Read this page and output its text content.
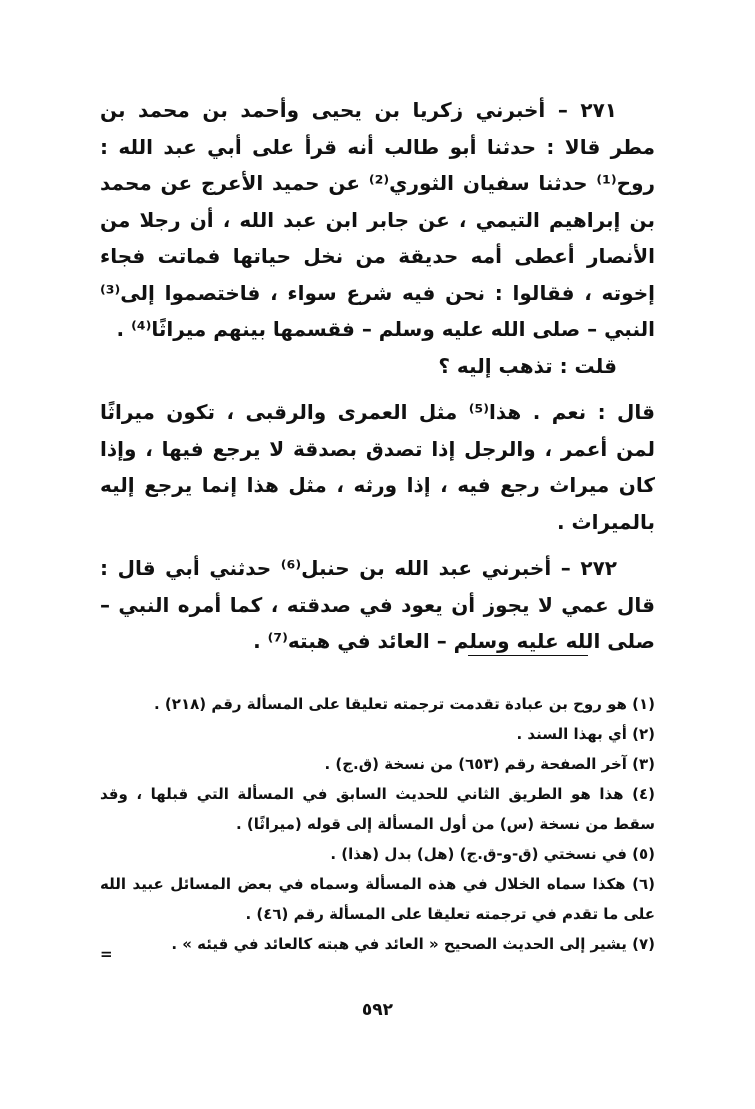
٢٧١ – أخبرني زكريا بن يحيى وأحمد بن محمد بن مطر قالا : حدثنا أبو طالب أنه قرأ على أبي عبد الله : روح⁽¹⁾ حدثنا سفيان الثوري⁽²⁾ عن حميد الأعرج عن محمد بن إبراهيم التيمي ، عن جابر ابن عبد الله ، أن رجلا من الأنصار أعطى أمه حديقة من نخل حياتها فماتت فجاء إخوته ، فقالوا : نحن فيه شرع سواء ، فاختصموا إلى⁽³⁾ النبي – صلى الله عليه وسلم – فقسمها بينهم ميراثًا⁽⁴⁾ .

قلت : تذهب إليه ؟

قال : نعم . هذا⁽⁵⁾ مثل العمرى والرقبى ، تكون ميراثًا لمن أعمر ، والرجل إذا تصدق بصدقة لا يرجع فيها ، وإذا كان ميراث رجع فيه ، إذا ورثه ، مثل هذا إنما يرجع إليه بالميراث .

٢٧٢ – أخبرني عبد الله بن حنبل⁽⁶⁾ حدثني أبي قال : قال عمي لا يجوز أن يعود في صدقته ، كما أمره النبي – صلى الله عليه وسلم – العائد في هبته⁽⁷⁾ .

(١) هو روح بن عبادة تقدمت ترجمته تعليقا على المسألة رقم (٢١٨) .

(٢) أي بهذا السند .

(٣) آخر الصفحة رقم (٦٥٣) من نسخة (ق.ج) .

(٤) هذا هو الطريق الثاني للحديث السابق في المسألة التي قبلها ، وقد سقط من نسخة (س) من أول المسألة إلى قوله (ميراثًا) .

(٥) في نسختي (ق-و-ق.ج) (هل) بدل (هذا) .

(٦) هكذا سماه الخلال في هذه المسألة وسماه في بعض المسائل عبيد الله على ما تقدم في ترجمته تعليقا على المسألة رقم (٤٦) .

(٧) يشير إلى الحديث الصحيح « العائد في هبته كالعائد في قيئه » .

=
٥٩٢
